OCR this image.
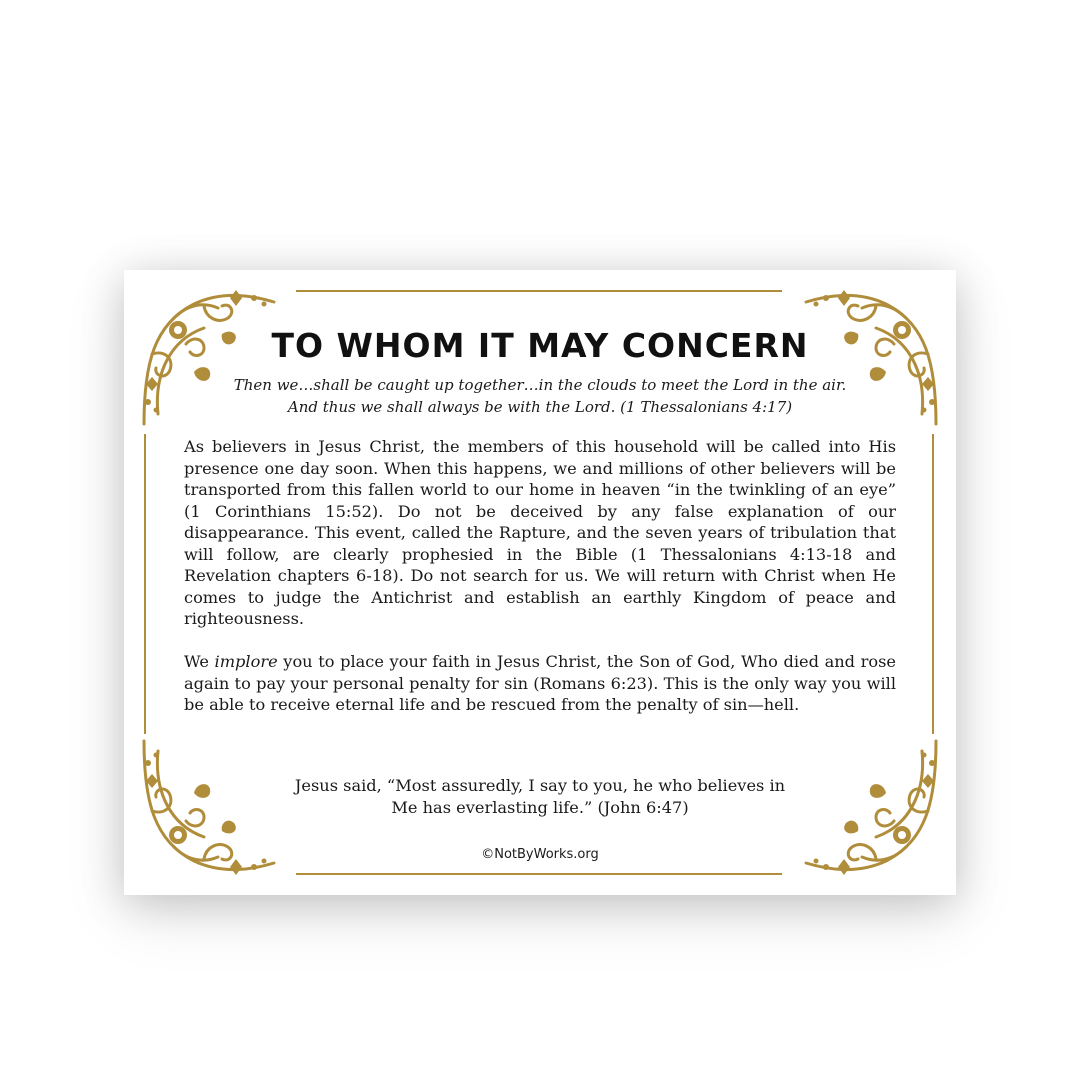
TO WHOM IT MAY CONCERN
Then we…shall be caught up together…in the clouds to meet the Lord in the air.
And thus we shall always be with the Lord. (1 Thessalonians 4:17)

As believers in Jesus Christ, the members of this household will be called into His presence one day soon. When this happens, we and millions of other believers will be transported from this fallen world to our home in heaven “in the twinkling of an eye” (1 Corinthians 15:52). Do not be deceived by any false explanation of our disappearance. This event, called the Rapture, and the seven years of tribulation that will follow, are clearly prophesied in the Bible (1 Thessalonians 4:13-18 and Revelation chapters 6-18). Do not search for us. We will return with Christ when He comes to judge the Antichrist and establish an earthly Kingdom of peace and righteousness.

We implore you to place your faith in Jesus Christ, the Son of God, Who died and rose again to pay your personal penalty for sin (Romans 6:23). This is the only way you will be able to receive eternal life and be rescued from the penalty of sin—hell.

Jesus said, “Most assuredly, I say to you, he who believes in
Me has everlasting life.” (John 6:47)
©NotByWorks.org
